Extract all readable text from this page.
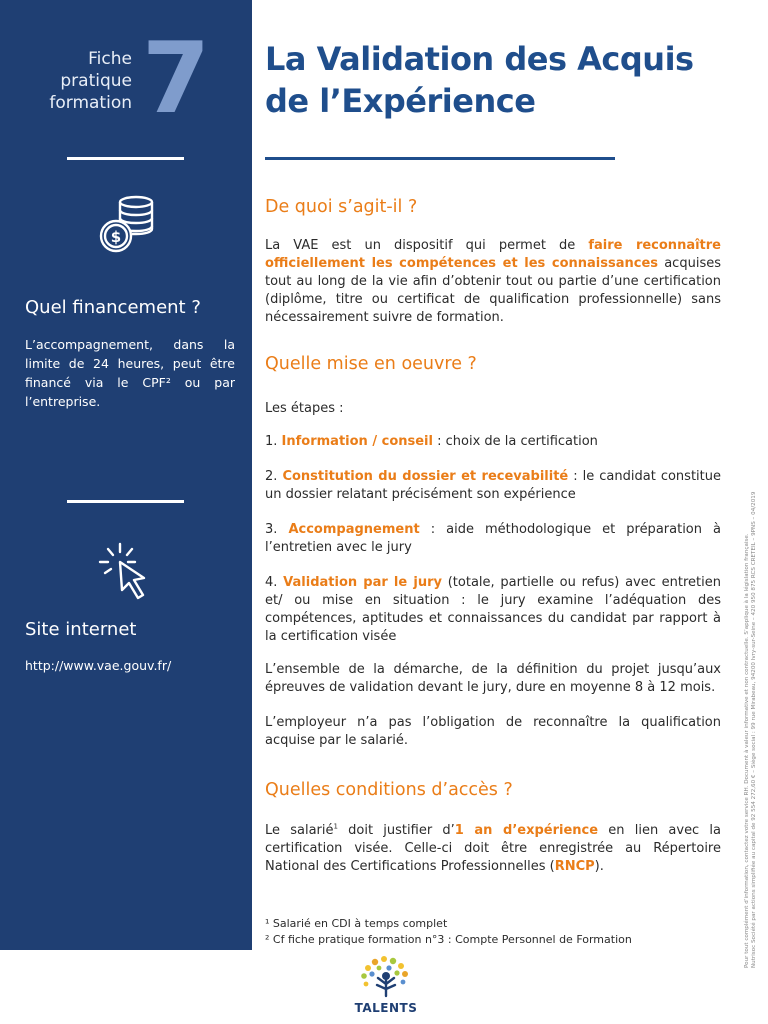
Fiche
pratique
formation 7
$
Quel financement ?
L’accompagnement, dans la limite de 24 heures, peut être financé via le CPF² ou par l’entreprise.
Site internet
http://www.vae.gouv.fr/
La Validation des Acquis
de l’Expérience
De quoi s’agit-il ?
La VAE est un dispositif qui permet de faire reconnaître officiellement les compétences et les connaissances acquises tout au long de la vie afin d’obtenir tout ou partie d’une certification (diplôme, titre ou certificat de qualification professionnelle) sans nécessairement suivre de formation.
Quelle mise en oeuvre ?
Les étapes :
1. Information / conseil : choix de la certification
2. Constitution du dossier et recevabilité : le candidat constitue un dossier relatant précisément son expérience
3. Accompagnement : aide méthodologique et préparation à l’entretien avec le jury
4. Validation par le jury (totale, partielle ou refus) avec entretien et/ ou mise en situation : le jury examine l’adéquation des compétences, aptitudes et connaissances du candidat par rapport à la certification visée
L’ensemble de la démarche, de la définition du projet jusqu’aux épreuves de validation devant le jury, dure en moyenne 8 à 12 mois.
L’employeur n’a pas l’obligation de reconnaître la qualification acquise par le salarié.
Quelles conditions d’accès ?
Le salarié$^1$ doit justifier d’1 an d’expérience en lien avec la certification visée. Celle-ci doit être enregistrée au Répertoire National des Certifications Professionnelles (RNCP).
¹ Salarié en CDI à temps complet
² Cf fiche pratique formation n°3 : Compte Personnel de Formation	Pour tout complément d’information, contactez votre service RH. Document à valeur informative et non contractuelle. S’applique à la législation française. Nutrisoc Société par actions simplifiée au capital de 92 554 272,60 € – Siège social : 99 rue Mirabeau, 94200 Ivry-sur-Seine – 420 950 875 RCS CRETEIL – 9PNS – 04/2019
TALENTS
